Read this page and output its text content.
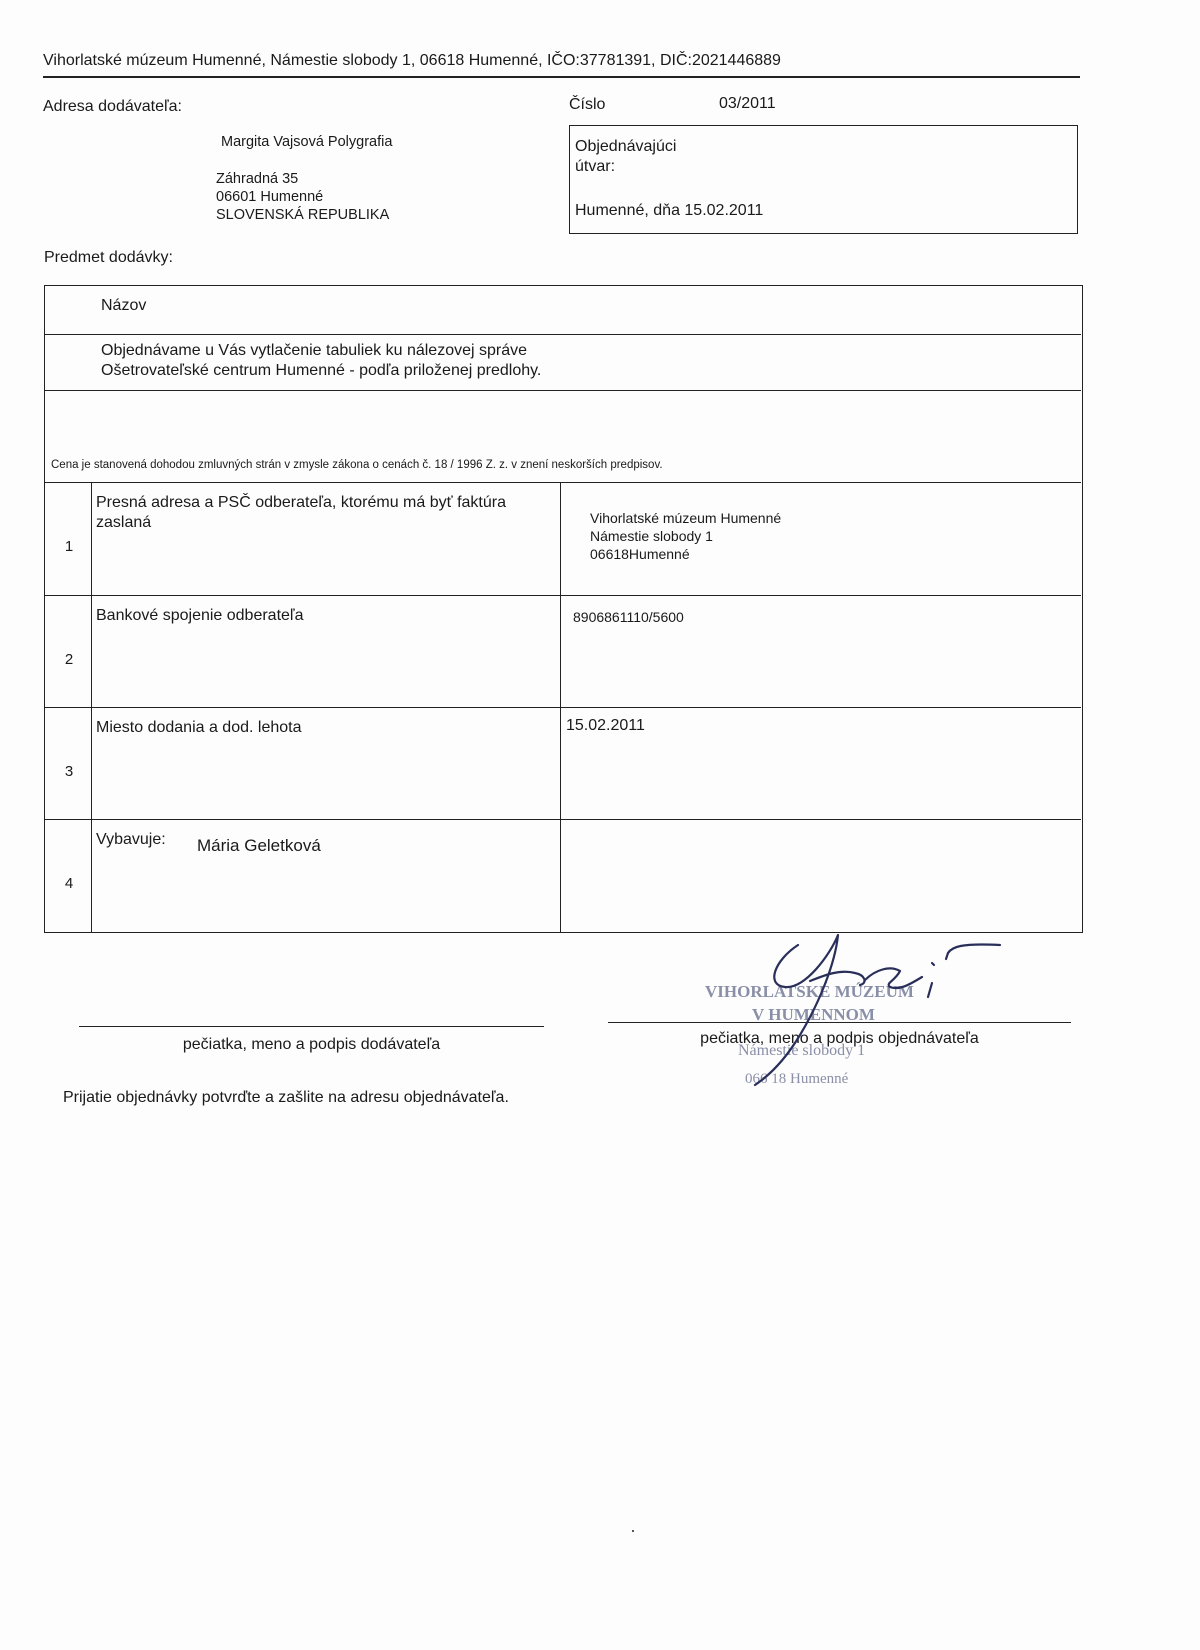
Vihorlatské múzeum Humenné, Námestie slobody 1, 06618 Humenné, IČO:37781391, DIČ:2021446889
Adresa dodávateľa:
Margita Vajsová Polygrafia
Záhradná 35
06601 Humenné
SLOVENSKÁ REPUBLIKA
Číslo	03/2011
Objednávajúci
útvar:
Humenné, dňa 15.02.2011
Predmet dodávky:
Názov
Objednávame u Vás vytlačenie tabuliek ku nálezovej správe
Ošetrovateľské centrum Humenné - podľa priloženej predlohy.
Cena je stanovená dohodou zmluvných strán v zmysle zákona o cenách č. 18 / 1996 Z. z. v znení neskorších predpisov.
1
Presná adresa a PSČ odberateľa, ktorému má byť faktúra
zaslaná	Vihorlatské múzeum Humenné
Námestie slobody 1
06618Humenné
2
Bankové spojenie odberateľa	8906861110/5600
3
Miesto dodania a dod. lehota	15.02.2011
4
Vybavuje: Mária Geletková
pečiatka, meno a podpis dodávateľa	pečiatka, meno a podpis objednávateľa
VIHORLATSKÉ MÚZEUM
V HUMENNOM
Námestie slobody 1
066 18 Humenné
Prijatie objednávky potvrďte a zašlite na adresu objednávateľa.
